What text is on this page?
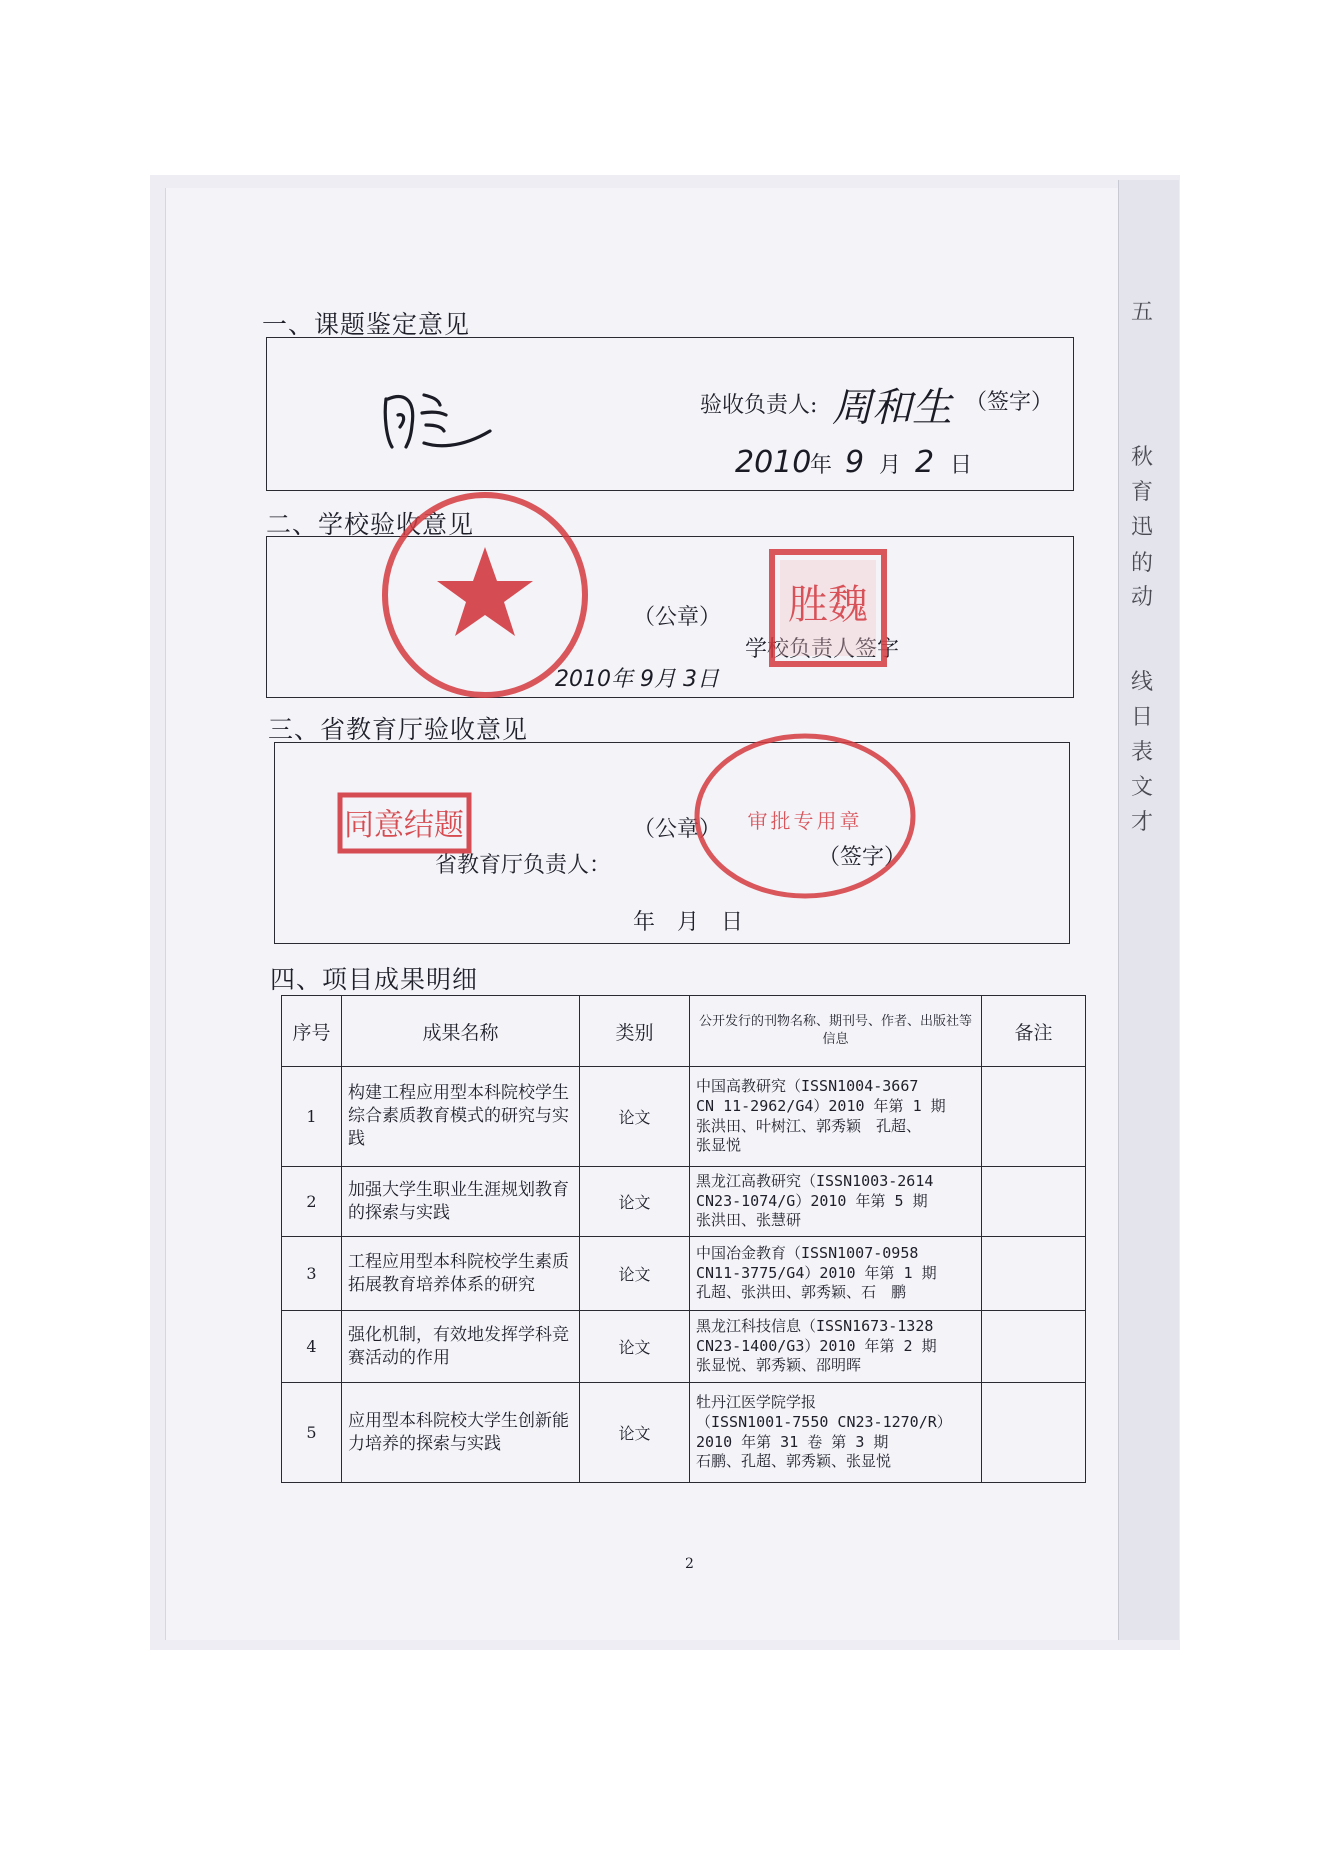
五
秋
育
迅
的
动
线
日
表
文
才
一、课题鉴定意见
验收负责人: 周和生 （签字）
2010
年 9 月 2 日
二、学校验收意见
（公章）
学校负责人签字
2010年 9月 3日
三、省教育厅验收意见
（公章）
省教育厅负责人：	（签字）
年　月　日
四、项目成果明细
序号	成果名称	类别	公开发行的刊物名称、期刊号、作者、出版社等信息	备注
1	构建工程应用型本科院校学生综合素质教育模式的研究与实践	论文	中国高教研究（ISSN1004-3667
CN 11-2962/G4）2010 年第 1 期
张洪田、叶树江、郭秀颖　孔超、
张显悦	

2	加强大学生职业生涯规划教育的探索与实践	论文	黑龙江高教研究（ISSN1003-2614
CN23-1074/G）2010 年第 5 期
张洪田、张慧研	

3	工程应用型本科院校学生素质拓展教育培养体系的研究	论文	中国冶金教育（ISSN1007-0958
CN11-3775/G4）2010 年第 1 期
孔超、张洪田、郭秀颖、石　鹏	

4	强化机制，有效地发挥学科竞赛活动的作用	论文	黑龙江科技信息（ISSN1673-1328
CN23-1400/G3）2010 年第 2 期
张显悦、郭秀颖、邵明晖	

5	应用型本科院校大学生创新能力培养的探索与实践	论文	牡丹江医学院学报
（ISSN1001-7550 CN23-1270/R）
2010 年第 31 卷 第 3 期
石鹏、孔超、郭秀颖、张显悦	

2
胜魏
同意结题	审批专用章
